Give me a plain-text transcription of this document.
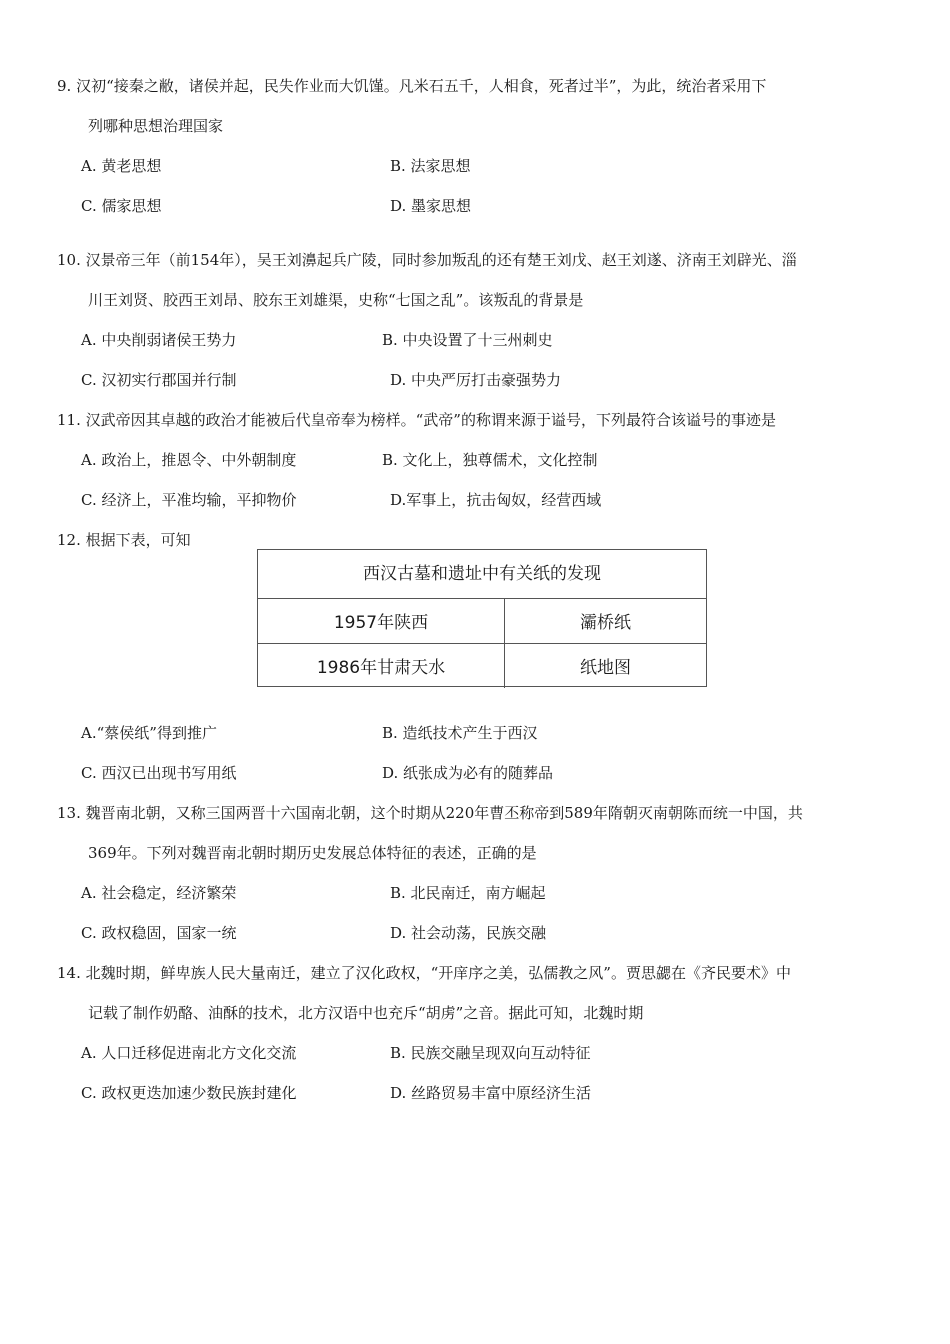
9. 汉初“接秦之敝，诸侯并起，民失作业而大饥馑。凡米石五千，人相食，死者过半”，为此，统治者采用下
列哪种思想治理国家
A. 黄老思想	B. 法家思想
C. 儒家思想	D. 墨家思想
10. 汉景帝三年（前154年），吴王刘濞起兵广陵，同时参加叛乱的还有楚王刘戊、赵王刘遂、济南王刘辟光、淄
川王刘贤、胶西王刘昂、胶东王刘雄渠，史称“七国之乱”。该叛乱的背景是
A. 中央削弱诸侯王势力	B. 中央设置了十三州刺史
C. 汉初实行郡国并行制	D. 中央严厉打击豪强势力
11. 汉武帝因其卓越的政治才能被后代皇帝奉为榜样。“武帝”的称谓来源于谥号，下列最符合该谥号的事迹是
A. 政治上，推恩令、中外朝制度	B. 文化上，独尊儒术，文化控制
C. 经济上，平准均输，平抑物价	D.军事上，抗击匈奴，经营西域
12. 根据下表，可知
西汉古墓和遗址中有关纸的发现
1957年陕西	灞桥纸
1986年甘肃天水	纸地图
A.“蔡侯纸”得到推广	B. 造纸技术产生于西汉
C. 西汉已出现书写用纸	D. 纸张成为必有的随葬品
13. 魏晋南北朝，又称三国两晋十六国南北朝，这个时期从220年曹丕称帝到589年隋朝灭南朝陈而统一中国，共
369年。下列对魏晋南北朝时期历史发展总体特征的表述，正确的是
A. 社会稳定，经济繁荣	B. 北民南迁，南方崛起
C. 政权稳固，国家一统	D. 社会动荡，民族交融
14. 北魏时期，鲜卑族人民大量南迁，建立了汉化政权，“开庠序之美，弘儒教之风”。贾思勰在《齐民要术》中
记载了制作奶酪、油酥的技术，北方汉语中也充斥“胡虏”之音。据此可知，北魏时期
A. 人口迁移促进南北方文化交流	B. 民族交融呈现双向互动特征
C. 政权更迭加速少数民族封建化	D. 丝路贸易丰富中原经济生活
